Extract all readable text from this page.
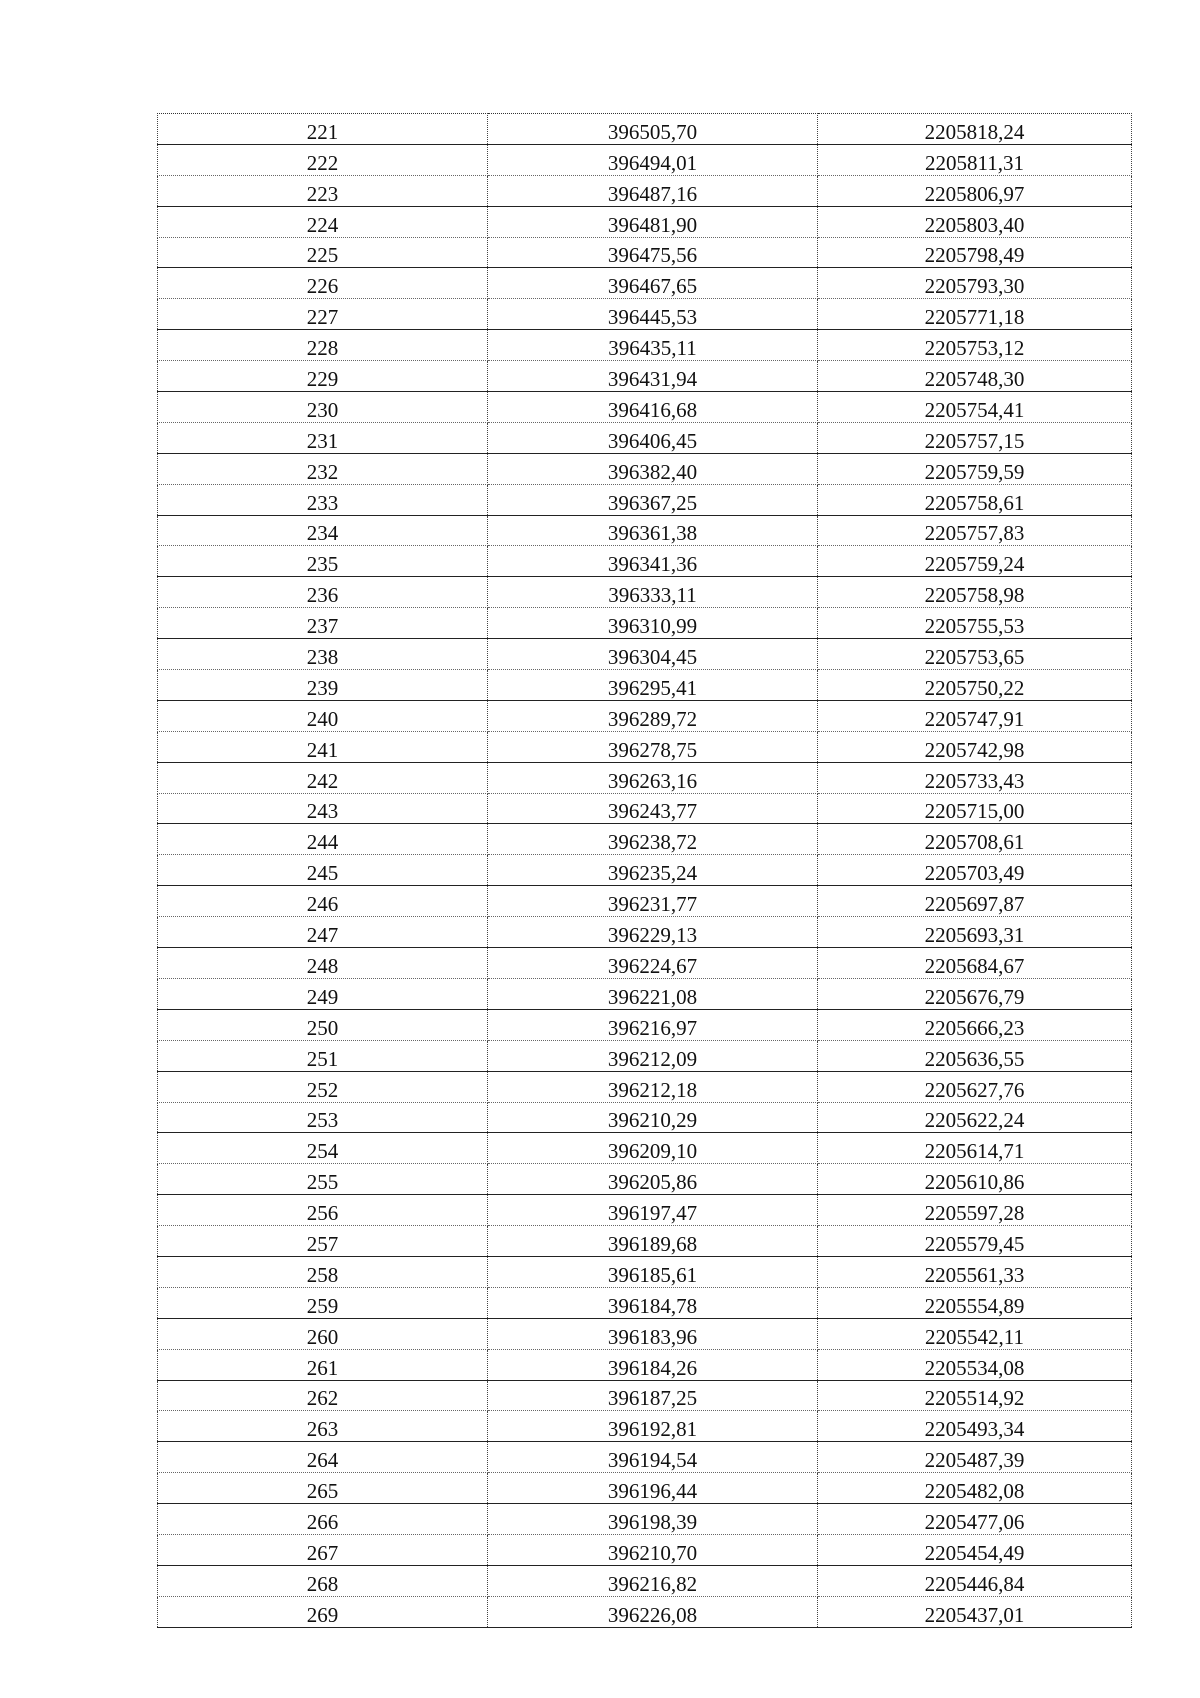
221	396505,70	2205818,24
222	396494,01	2205811,31
223	396487,16	2205806,97
224	396481,90	2205803,40
225	396475,56	2205798,49
226	396467,65	2205793,30
227	396445,53	2205771,18
228	396435,11	2205753,12
229	396431,94	2205748,30
230	396416,68	2205754,41
231	396406,45	2205757,15
232	396382,40	2205759,59
233	396367,25	2205758,61
234	396361,38	2205757,83
235	396341,36	2205759,24
236	396333,11	2205758,98
237	396310,99	2205755,53
238	396304,45	2205753,65
239	396295,41	2205750,22
240	396289,72	2205747,91
241	396278,75	2205742,98
242	396263,16	2205733,43
243	396243,77	2205715,00
244	396238,72	2205708,61
245	396235,24	2205703,49
246	396231,77	2205697,87
247	396229,13	2205693,31
248	396224,67	2205684,67
249	396221,08	2205676,79
250	396216,97	2205666,23
251	396212,09	2205636,55
252	396212,18	2205627,76
253	396210,29	2205622,24
254	396209,10	2205614,71
255	396205,86	2205610,86
256	396197,47	2205597,28
257	396189,68	2205579,45
258	396185,61	2205561,33
259	396184,78	2205554,89
260	396183,96	2205542,11
261	396184,26	2205534,08
262	396187,25	2205514,92
263	396192,81	2205493,34
264	396194,54	2205487,39
265	396196,44	2205482,08
266	396198,39	2205477,06
267	396210,70	2205454,49
268	396216,82	2205446,84
269	396226,08	2205437,01
